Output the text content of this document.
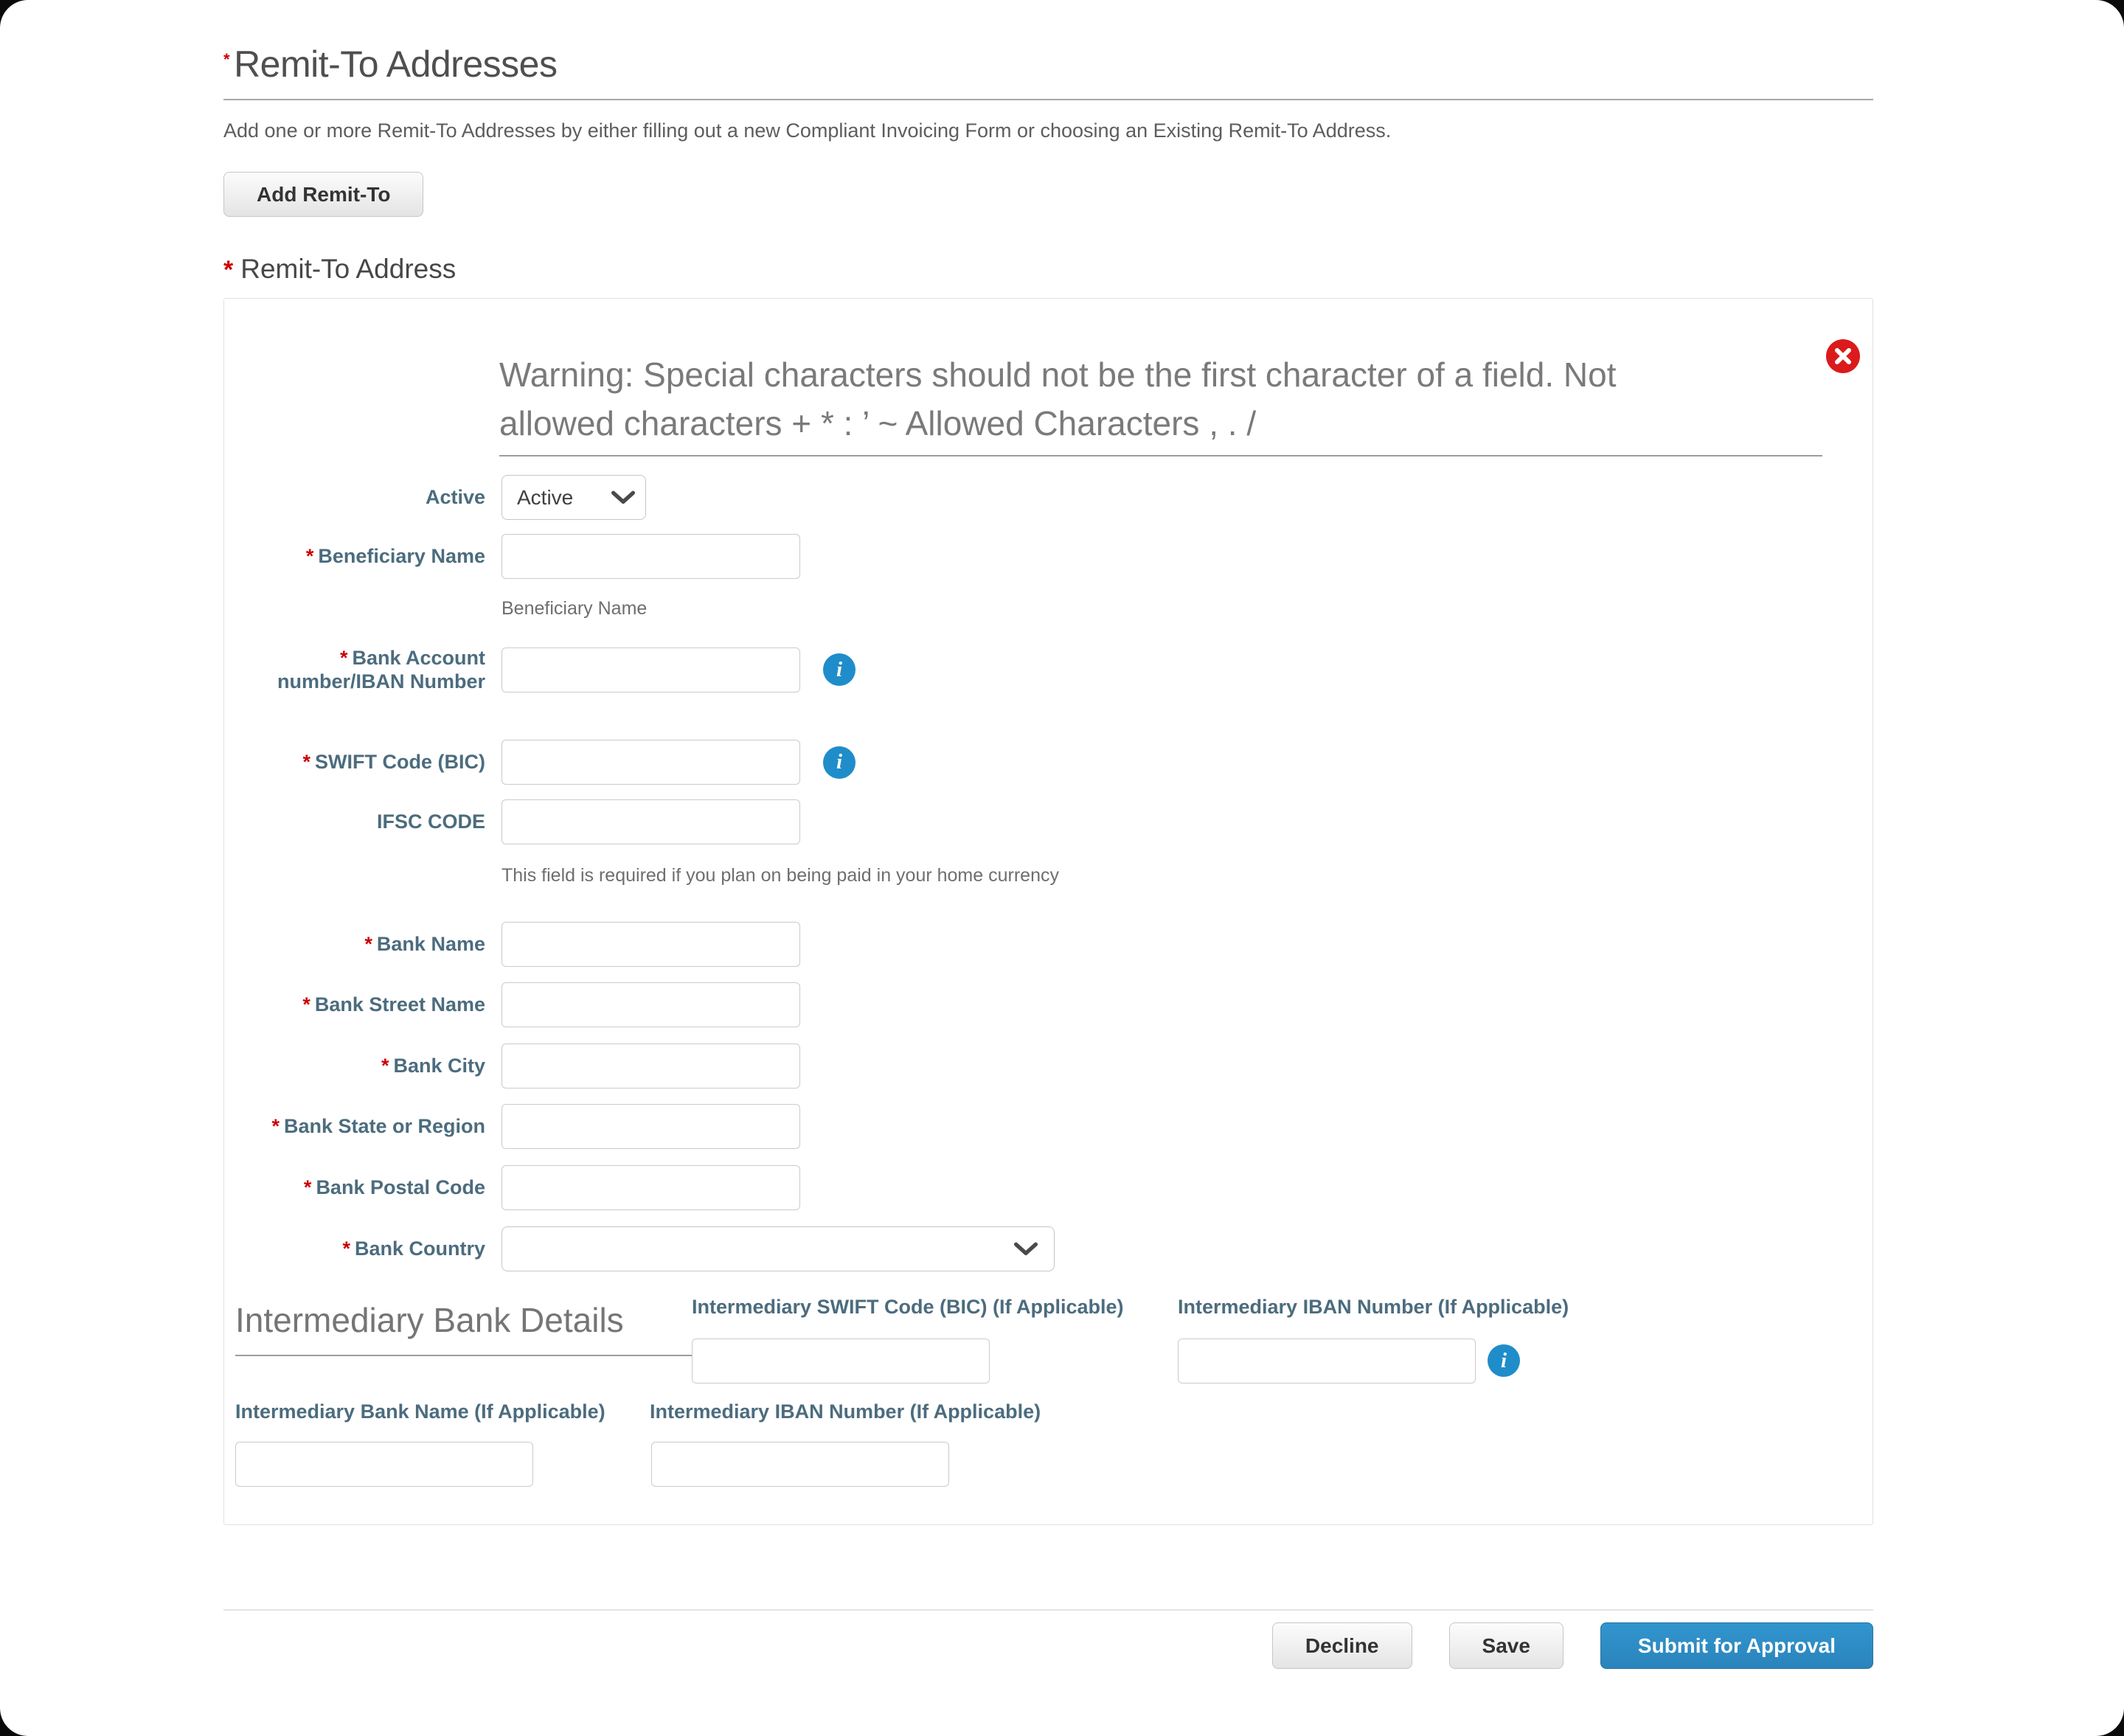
* Remit-To Addresses
Add one or more Remit-To Addresses by either filling out a new Compliant Invoicing Form or choosing an Existing Remit-To Address.
Add Remit-To
* Remit-To Address
Warning: Special characters should not be the first character of a field. Not
allowed characters + * : ’ ~ Allowed Characters , . /
Active Active
* Beneficiary Name
Beneficiary Name
* Bank Account number/IBAN Number
i
* SWIFT Code (BIC)	i
IFSC CODE
This field is required if you plan on being paid in your home currency
* Bank Name
* Bank Street Name
* Bank City
* Bank State or Region
* Bank Postal Code
* Bank Country
Intermediary Bank Details	Intermediary SWIFT Code (BIC) (If Applicable)	Intermediary IBAN Number (If Applicable)
i
Intermediary Bank Name (If Applicable) Intermediary IBAN Number (If Applicable)
Decline	Save	Submit for Approval
